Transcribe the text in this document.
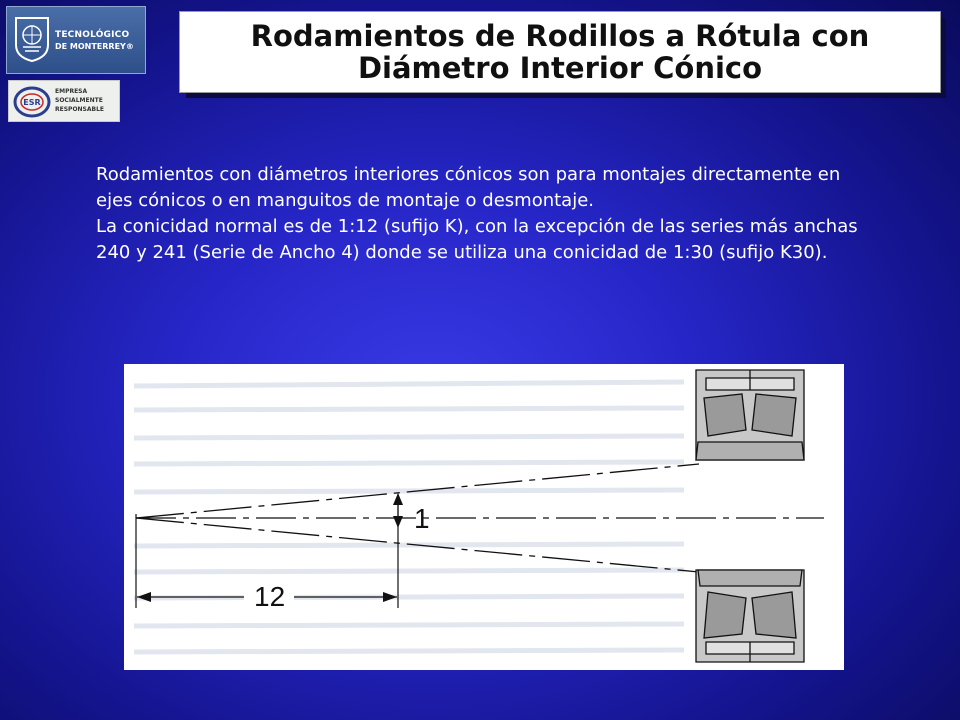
TECNOLÓGICO
DE MONTERREY®
ESR
EMPRESA
SOCIALMENTE
RESPONSABLE
Rodamientos de Rodillos a Rótula con
Diámetro Interior Cónico

Rodamientos con diámetros interiores cónicos son para montajes directamente en ejes cónicos o en manguitos de montaje o desmontaje.

La conicidad normal es de 1:12 (sufijo K), con la excepción de las series más anchas 240 y 241 (Serie de Ancho 4) donde se utiliza una conicidad de 1:30 (sufijo K30).

1
12
